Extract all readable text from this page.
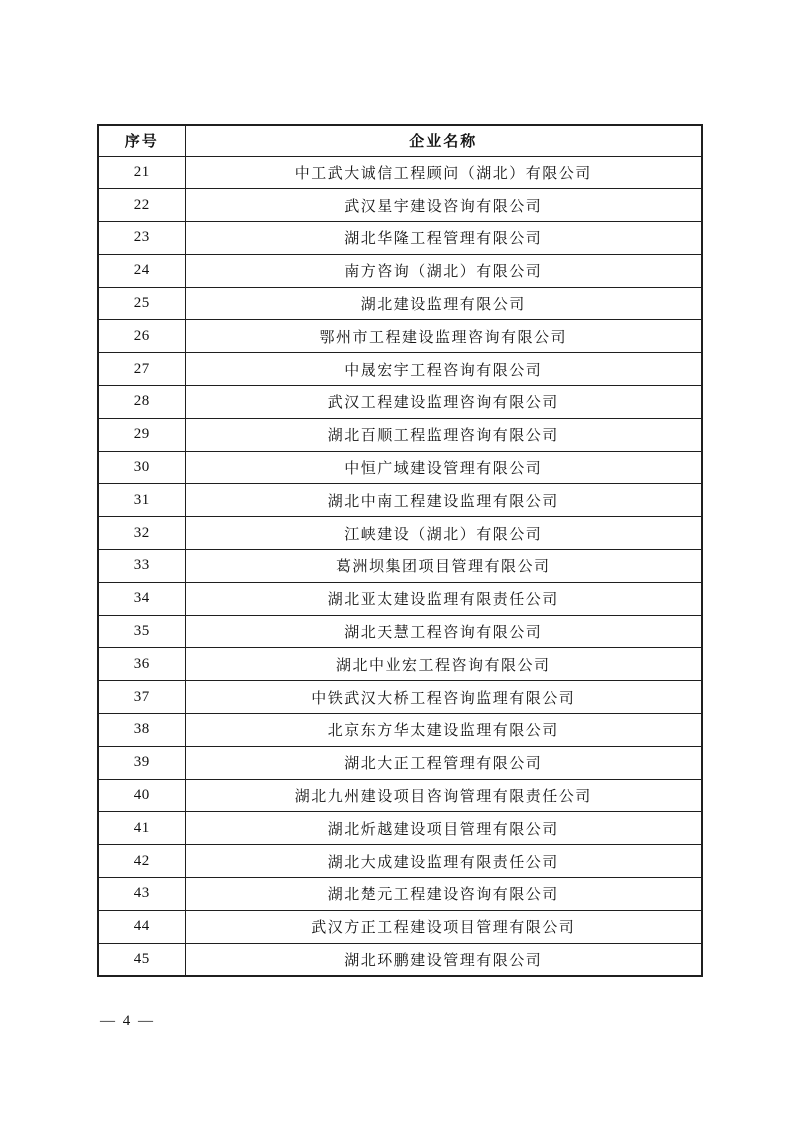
序号	企业名称
21	中工武大诚信工程顾问（湖北）有限公司
22	武汉星宇建设咨询有限公司
23	湖北华隆工程管理有限公司
24	南方咨询（湖北）有限公司
25	湖北建设监理有限公司
26	鄂州市工程建设监理咨询有限公司
27	中晟宏宇工程咨询有限公司
28	武汉工程建设监理咨询有限公司
29	湖北百顺工程监理咨询有限公司
30	中恒广域建设管理有限公司
31	湖北中南工程建设监理有限公司
32	江峡建设（湖北）有限公司
33	葛洲坝集团项目管理有限公司
34	湖北亚太建设监理有限责任公司
35	湖北天慧工程咨询有限公司
36	湖北中业宏工程咨询有限公司
37	中铁武汉大桥工程咨询监理有限公司
38	北京东方华太建设监理有限公司
39	湖北大正工程管理有限公司
40	湖北九州建设项目咨询管理有限责任公司
41	湖北炘越建设项目管理有限公司
42	湖北大成建设监理有限责任公司
43	湖北楚元工程建设咨询有限公司
44	武汉方正工程建设项目管理有限公司
45	湖北环鹏建设管理有限公司
— 4 —
